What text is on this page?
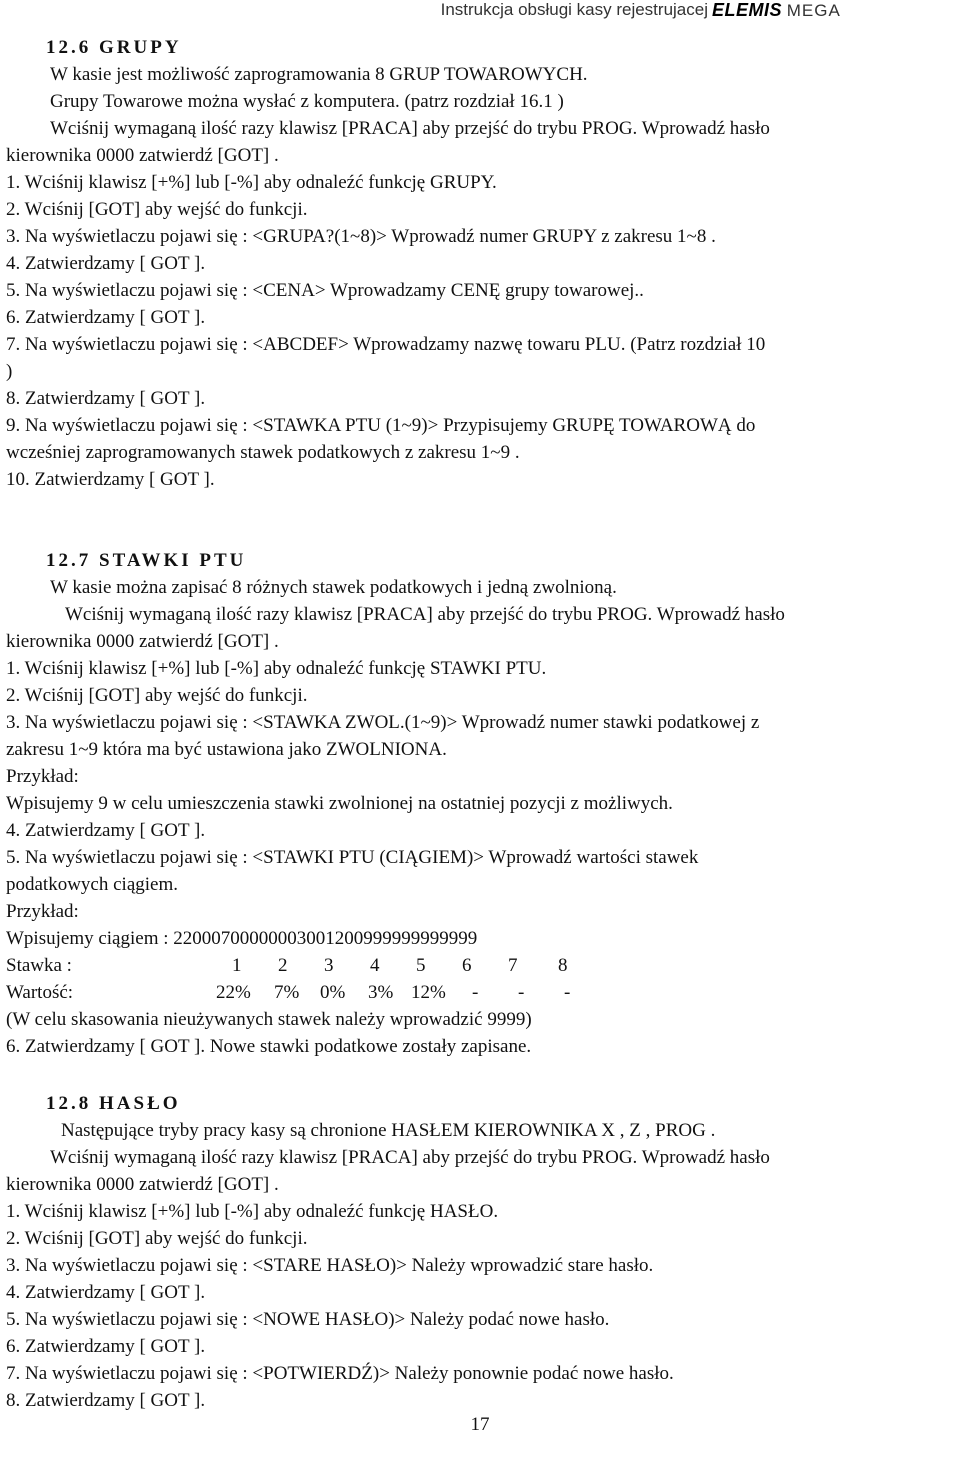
Instrukcja obsługi kasy rejestrujacej ELEMIS MEGA
12.6 GRUPY
W kasie jest możliwość zaprogramowania 8 GRUP TOWAROWYCH.
Grupy Towarowe można wysłać z komputera. (patrz rozdział 16.1 )
Wciśnij wymaganą ilość razy klawisz [PRACA] aby przejść do trybu PROG. Wprowadź hasło
kierownika 0000 zatwierdź [GOT] .
1. Wciśnij klawisz [+%] lub [-%] aby odnaleźć funkcję GRUPY.
2. Wciśnij [GOT] aby wejść do funkcji.
3. Na wyświetlaczu pojawi się : <GRUPA?(1~8)> Wprowadź numer GRUPY z zakresu 1~8 .
4. Zatwierdzamy [ GOT ].
5. Na wyświetlaczu pojawi się : <CENA> Wprowadzamy CENĘ grupy towarowej..
6. Zatwierdzamy [ GOT ].
7. Na wyświetlaczu pojawi się : <ABCDEF> Wprowadzamy nazwę towaru PLU. (Patrz rozdział 10
)
8. Zatwierdzamy [ GOT ].
9. Na wyświetlaczu pojawi się : <STAWKA PTU (1~9)> Przypisujemy GRUPĘ TOWAROWĄ do
wcześniej zaprogramowanych stawek podatkowych z zakresu 1~9 .
10. Zatwierdzamy [ GOT ].
12.7 STAWKI PTU
W kasie można zapisać 8 różnych stawek podatkowych i jedną zwolnioną.
Wciśnij wymaganą ilość razy klawisz [PRACA] aby przejść do trybu PROG. Wprowadź hasło
kierownika 0000 zatwierdź [GOT] .
1. Wciśnij klawisz [+%] lub [-%] aby odnaleźć funkcję STAWKI PTU.
2. Wciśnij [GOT] aby wejść do funkcji.
3. Na wyświetlaczu pojawi się : <STAWKA ZWOL.(1~9)> Wprowadź numer stawki podatkowej z
zakresu 1~9 która ma być ustawiona jako ZWOLNIONA.
Przykład:
Wpisujemy 9 w celu umieszczenia stawki zwolnionej na ostatniej pozycji z możliwych.
4. Zatwierdzamy [ GOT ].
5. Na wyświetlaczu pojawi się : <STAWKI PTU (CIĄGIEM)> Wprowadź wartości stawek
podatkowych ciągiem.
Przykład:
Wpisujemy ciągiem : 22000700000003001200999999999999
Stawka :	1 2 3 4 5 6 7 8
Wartość:	22% 7% 0% 3% 12% - - -
(W celu skasowania nieużywanych stawek należy wprowadzić 9999)
6. Zatwierdzamy [ GOT ]. Nowe stawki podatkowe zostały zapisane.
12.8 HASŁO
Następujące tryby pracy kasy są chronione HASŁEM KIEROWNIKA X , Z , PROG .
Wciśnij wymaganą ilość razy klawisz [PRACA] aby przejść do trybu PROG. Wprowadź hasło
kierownika 0000 zatwierdź [GOT] .
1. Wciśnij klawisz [+%] lub [-%] aby odnaleźć funkcję HASŁO.
2. Wciśnij [GOT] aby wejść do funkcji.
3. Na wyświetlaczu pojawi się : <STARE HASŁO)> Należy wprowadzić stare hasło.
4. Zatwierdzamy [ GOT ].
5. Na wyświetlaczu pojawi się : <NOWE HASŁO)> Należy podać nowe hasło.
6. Zatwierdzamy [ GOT ].
7. Na wyświetlaczu pojawi się : <POTWIERDŹ)> Należy ponownie podać nowe hasło.
8. Zatwierdzamy [ GOT ].
17
